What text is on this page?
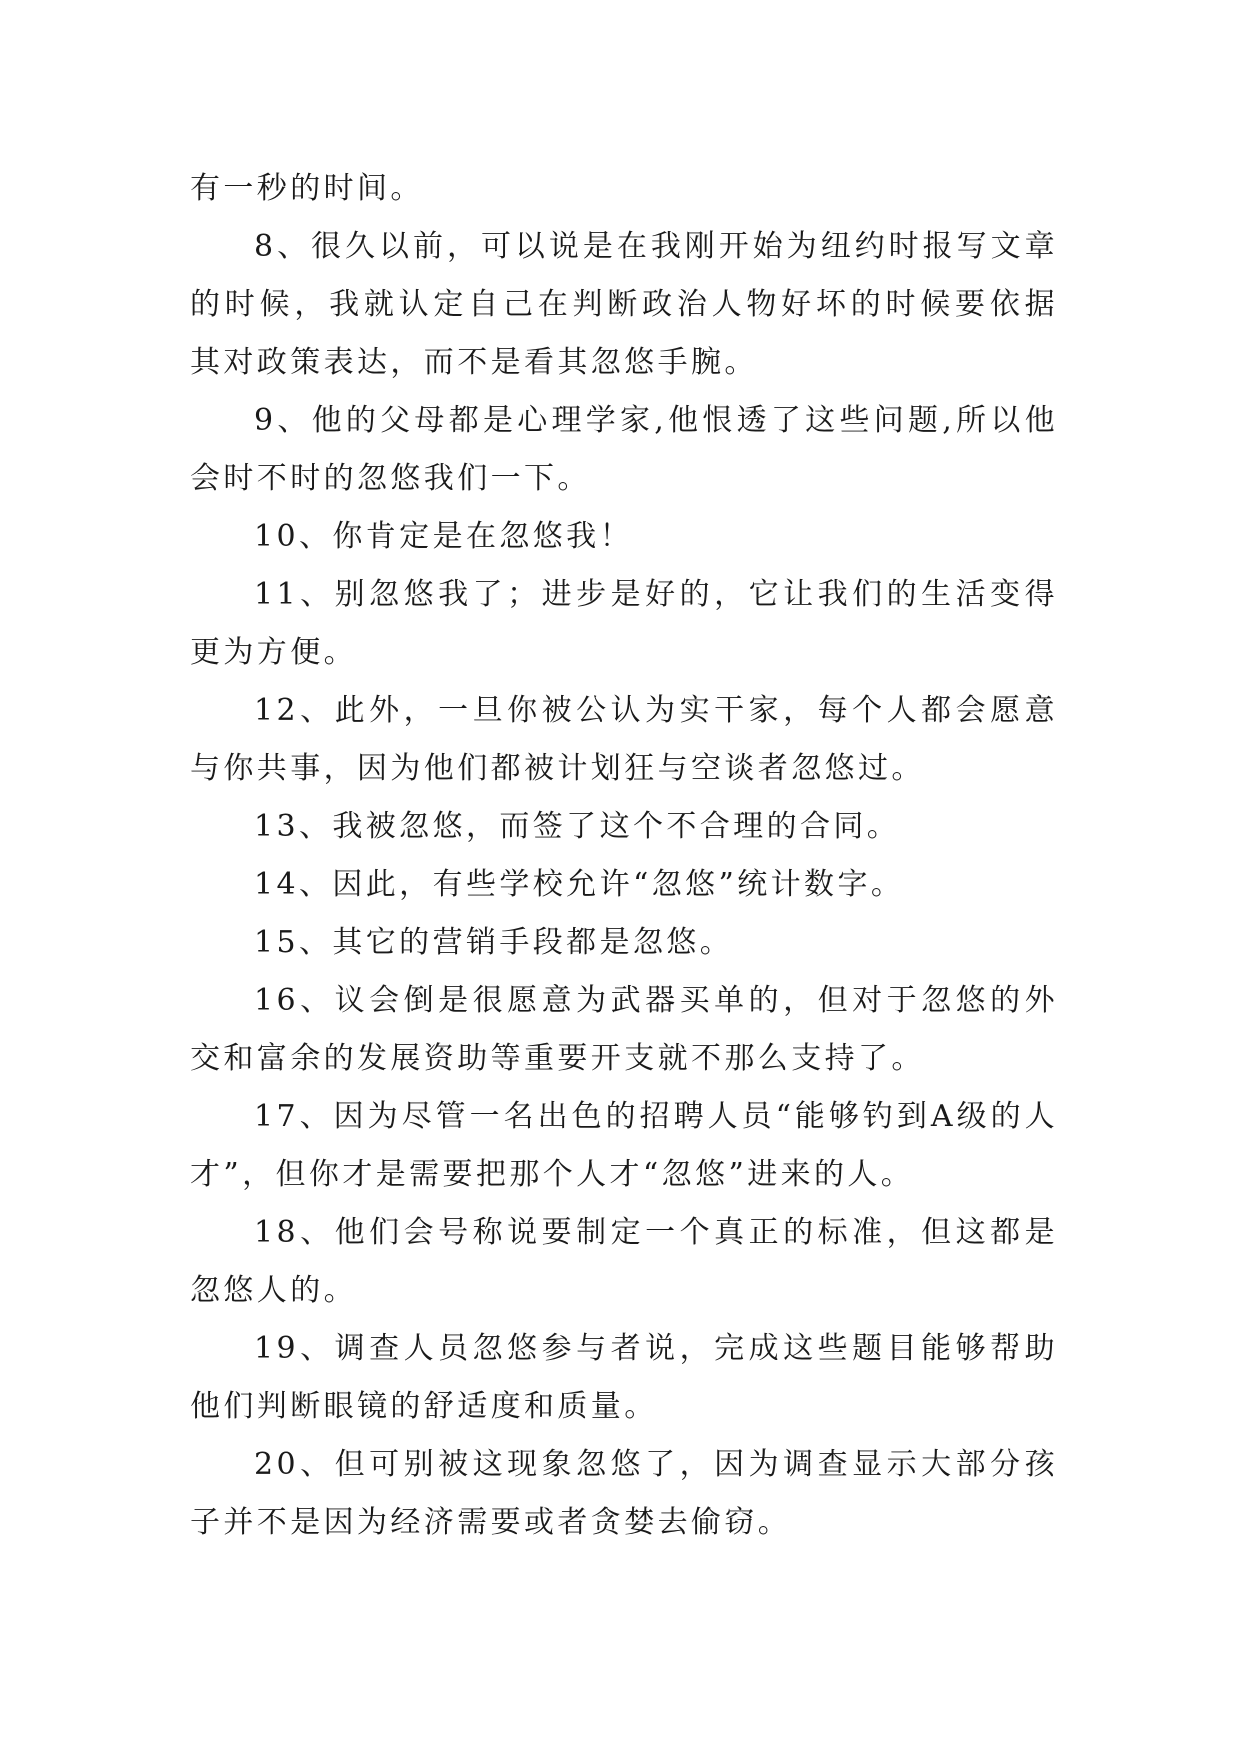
有一秒的时间。

8、很久以前，可以说是在我刚开始为纽约时报写文章的时候，我就认定自己在判断政治人物好坏的时候要依据其对政策表达，而不是看其忽悠手腕。

9、他的父母都是心理学家,他恨透了这些问题,所以他会时不时的忽悠我们一下。

10、你肯定是在忽悠我！

11、别忽悠我了；进步是好的，它让我们的生活变得更为方便。

12、此外，一旦你被公认为实干家，每个人都会愿意与你共事，因为他们都被计划狂与空谈者忽悠过。

13、我被忽悠，而签了这个不合理的合同。

14、因此，有些学校允许“忽悠”统计数字。

15、其它的营销手段都是忽悠。

16、议会倒是很愿意为武器买单的，但对于忽悠的外交和富余的发展资助等重要开支就不那么支持了。

17、因为尽管一名出色的招聘人员“能够钓到A级的人才”，但你才是需要把那个人才“忽悠”进来的人。

18、他们会号称说要制定一个真正的标准，但这都是忽悠人的。

19、调查人员忽悠参与者说，完成这些题目能够帮助他们判断眼镜的舒适度和质量。

20、但可别被这现象忽悠了，因为调查显示大部分孩子并不是因为经济需要或者贪婪去偷窃。
